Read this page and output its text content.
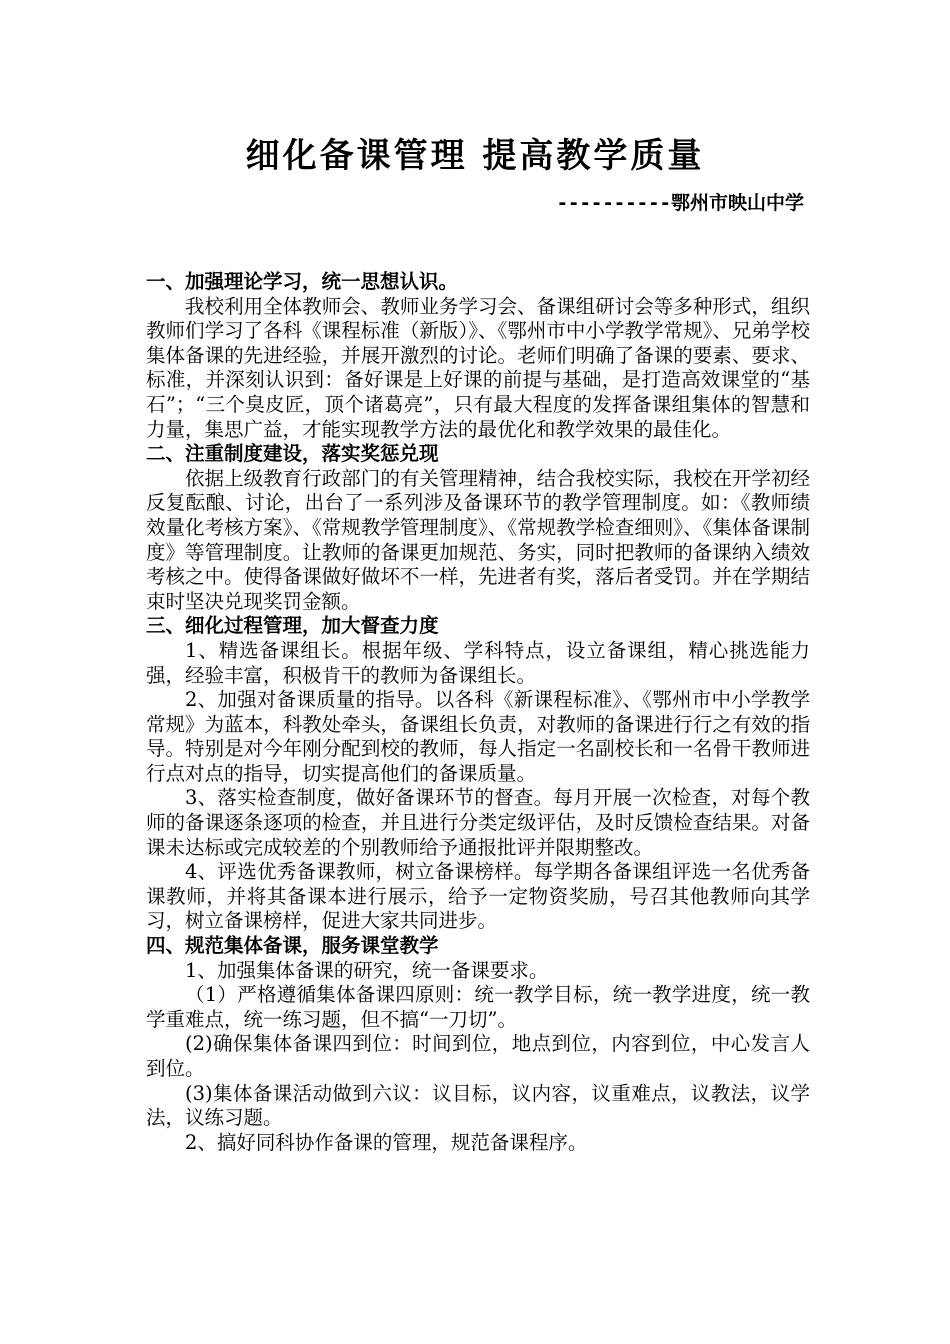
细化备课管理 提高教学质量
----------鄂州市映山中学

一、加强理论学习，统一思想认识。

我校利用全体教师会、教师业务学习会、备课组研讨会等多种形式，组织教师们学习了各科《课程标准（新版）》、《鄂州市中小学教学常规》、兄弟学校集体备课的先进经验，并展开激烈的讨论。老师们明确了备课的要素、要求、标准，并深刻认识到：备好课是上好课的前提与基础，是打造高效课堂的“基石”；“三个臭皮匠，顶个诸葛亮”，只有最大程度的发挥备课组集体的智慧和力量，集思广益，才能实现教学方法的最优化和教学效果的最佳化。

二、注重制度建设，落实奖惩兑现

依据上级教育行政部门的有关管理精神，结合我校实际，我校在开学初经反复酝酿、讨论，出台了一系列涉及备课环节的教学管理制度。如：《教师绩效量化考核方案》、《常规教学管理制度》、《常规教学检查细则》、《集体备课制度》等管理制度。让教师的备课更加规范、务实，同时把教师的备课纳入绩效考核之中。使得备课做好做坏不一样，先进者有奖，落后者受罚。并在学期结束时坚决兑现奖罚金额。

三、细化过程管理，加大督查力度

1、精选备课组长。根据年级、学科特点，设立备课组，精心挑选能力强，经验丰富，积极肯干的教师为备课组长。

2、加强对备课质量的指导。以各科《新课程标准》、《鄂州市中小学教学常规》为蓝本，科教处牵头，备课组长负责，对教师的备课进行行之有效的指导。特别是对今年刚分配到校的教师，每人指定一名副校长和一名骨干教师进行点对点的指导，切实提高他们的备课质量。

3、落实检查制度，做好备课环节的督查。每月开展一次检查，对每个教师的备课逐条逐项的检查，并且进行分类定级评估，及时反馈检查结果。对备课未达标或完成较差的个别教师给予通报批评并限期整改。

4、评选优秀备课教师，树立备课榜样。每学期各备课组评选一名优秀备课教师，并将其备课本进行展示，给予一定物资奖励，号召其他教师向其学习，树立备课榜样，促进大家共同进步。

四、规范集体备课，服务课堂教学

1、加强集体备课的研究，统一备课要求。

（1）严格遵循集体备课四原则：统一教学目标，统一教学进度，统一教学重难点，统一练习题，但不搞“一刀切”。

(2)确保集体备课四到位：时间到位，地点到位，内容到位，中心发言人到位。

(3)集体备课活动做到六议：议目标，议内容，议重难点，议教法，议学法，议练习题。

2、搞好同科协作备课的管理，规范备课程序。
